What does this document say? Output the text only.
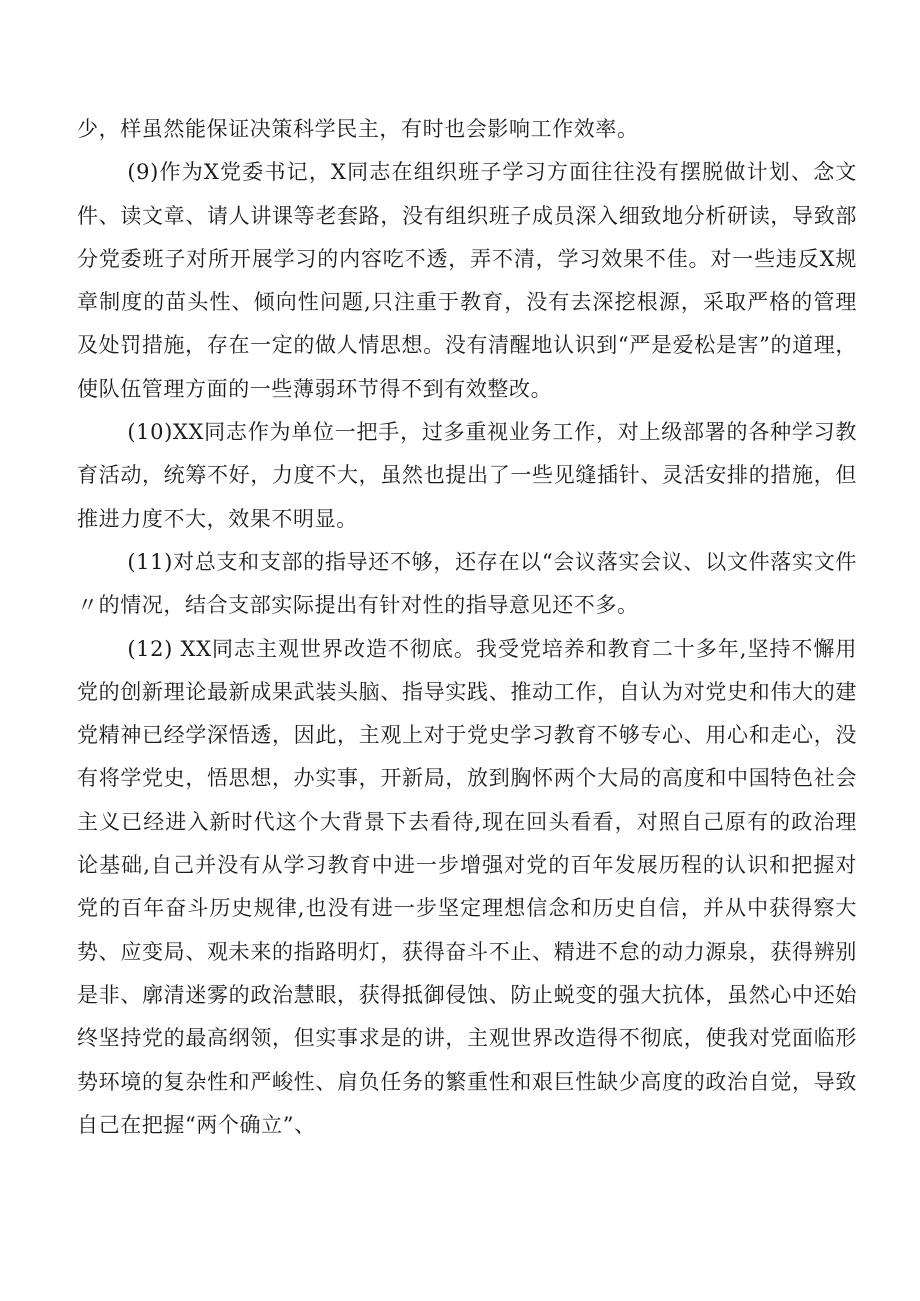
少，样虽然能保证决策科学民主，有时也会影响工作效率。

(9)作为X党委书记，X同志在组织班子学习方面往往没有摆脱做计划、念文件、读文章、请人讲课等老套路，没有组织班子成员深入细致地分析研读，导致部分党委班子对所开展学习的内容吃不透，弄不清，学习效果不佳。对一些违反X规章制度的苗头性、倾向性问题,只注重于教育，没有去深挖根源，采取严格的管理及处罚措施，存在一定的做人情思想。没有清醒地认识到“严是爱松是害”的道理，使队伍管理方面的一些薄弱环节得不到有效整改。

(10)XX同志作为单位一把手，过多重视业务工作，对上级部署的各种学习教育活动，统筹不好，力度不大，虽然也提出了一些见缝插针、灵活安排的措施，但推进力度不大，效果不明显。

(11)对总支和支部的指导还不够，还存在以“会议落实会议、以文件落实文件〃的情况，结合支部实际提出有针对性的指导意见还不多。

(12) XX同志主观世界改造不彻底。我受党培养和教育二十多年,坚持不懈用党的创新理论最新成果武装头脑、指导实践、推动工作，自认为对党史和伟大的建党精神已经学深悟透，因此，主观上对于党史学习教育不够专心、用心和走心，没有将学党史，悟思想，办实事，开新局，放到胸怀两个大局的高度和中国特色社会主义已经进入新时代这个大背景下去看待,现在回头看看，对照自己原有的政治理论基础,自己并没有从学习教育中进一步增强对党的百年发展历程的认识和把握对党的百年奋斗历史规律,也没有进一步坚定理想信念和历史自信，并从中获得察大势、应变局、观未来的指路明灯，获得奋斗不止、精进不怠的动力源泉，获得辨别是非、廓清迷雾的政治慧眼，获得抵御侵蚀、防止蜕变的强大抗体，虽然心中还始终坚持党的最高纲领，但实事求是的讲，主观世界改造得不彻底，使我对党面临形势环境的复杂性和严峻性、肩负任务的繁重性和艰巨性缺少高度的政治自觉，导致自己在把握“两个确立”、
